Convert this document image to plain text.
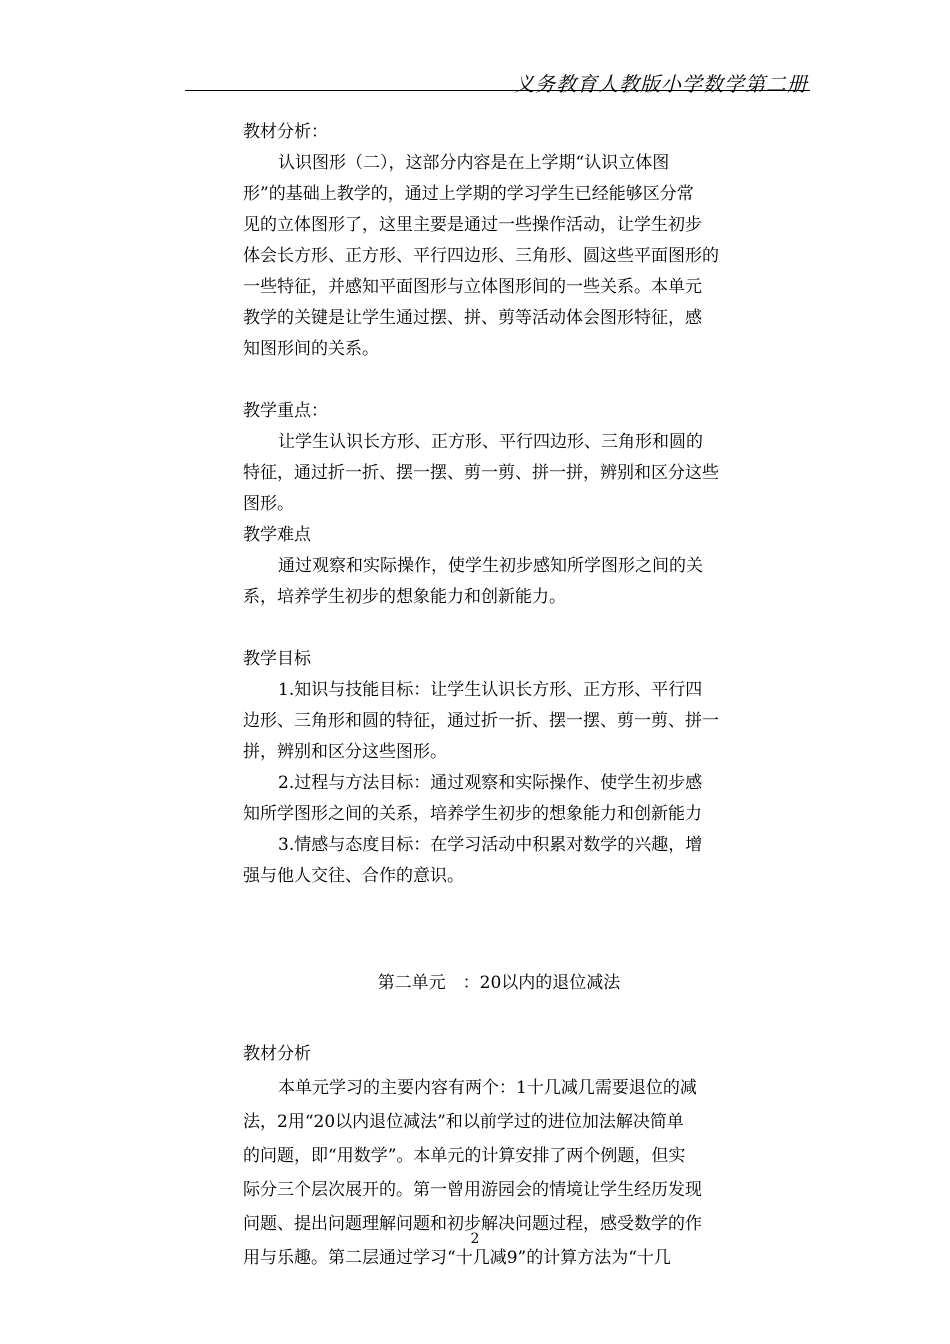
义务教育人教版小学数学第二册
教材分析：
认识图形（二），这部分内容是在上学期“认识立体图
形”的基础上教学的，通过上学期的学习学生已经能够区分常
见的立体图形了，这里主要是通过一些操作活动，让学生初步
体会长方形、正方形、平行四边形、三角形、圆这些平面图形的
一些特征，并感知平面图形与立体图形间的一些关系。本单元
教学的关键是让学生通过摆、拼、剪等活动体会图形特征，感
知图形间的关系。
教学重点：
让学生认识长方形、正方形、平行四边形、三角形和圆的
特征，通过折一折、摆一摆、剪一剪、拼一拼，辨别和区分这些
图形。
教学难点
通过观察和实际操作，使学生初步感知所学图形之间的关
系，培养学生初步的想象能力和创新能力。
教学目标
1.知识与技能目标：让学生认识长方形、正方形、平行四
边形、三角形和圆的特征，通过折一折、摆一摆、剪一剪、拼一
拼，辨别和区分这些图形。
2.过程与方法目标：通过观察和实际操作、使学生初步感
知所学图形之间的关系，培养学生初步的想象能力和创新能力
3.情感与态度目标：在学习活动中积累对数学的兴趣，增
强与他人交往、合作的意识。
第二单元　：20以内的退位减法
教材分析
本单元学习的主要内容有两个：1十几减几需要退位的减
法，2用“20以内退位减法”和以前学过的进位加法解决简单
的问题，即“用数学”。本单元的计算安排了两个例题，但实
际分三个层次展开的。第一曾用游园会的情境让学生经历发现
问题、提出问题理解问题和初步解决问题过程，感受数学的作
用与乐趣。第二层通过学习“十几减9”的计算方法为“十几
2
